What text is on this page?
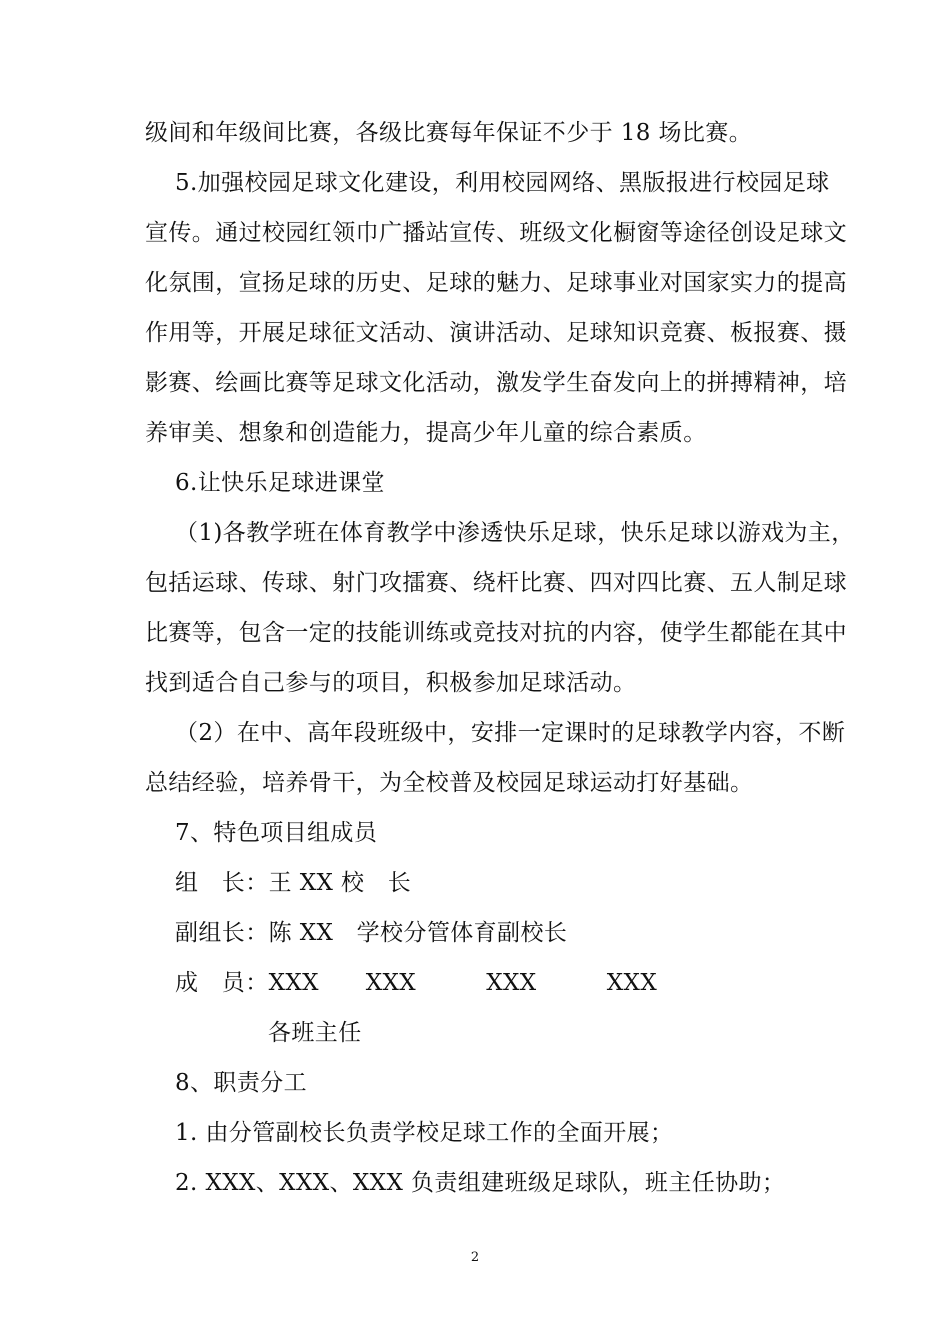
级间和年级间比赛，各级比赛每年保证不少于 18 场比赛。
5.加强校园足球文化建设，利用校园网络、黑版报进行校园足球
宣传。通过校园红领巾广播站宣传、班级文化橱窗等途径创设足球文
化氛围，宣扬足球的历史、足球的魅力、足球事业对国家实力的提高
作用等，开展足球征文活动、演讲活动、足球知识竞赛、板报赛、摄
影赛、绘画比赛等足球文化活动，激发学生奋发向上的拼搏精神，培
养审美、想象和创造能力，提高少年儿童的综合素质。
6.让快乐足球进课堂
（1)各教学班在体育教学中渗透快乐足球，快乐足球以游戏为主，
包括运球、传球、射门攻擂赛、绕杆比赛、四对四比赛、五人制足球
比赛等，包含一定的技能训练或竞技对抗的内容，使学生都能在其中
找到适合自己参与的项目，积极参加足球活动。
（2）在中、高年段班级中，安排一定课时的足球教学内容，不断
总结经验，培养骨干，为全校普及校园足球运动打好基础。
7、特色项目组成员
组　长：王 XX 校　长
副组长：陈 XX　学校分管体育副校长
成　员：XXX　　XXX　　　XXX　　　XXX
各班主任
8、职责分工
1. 由分管副校长负责学校足球工作的全面开展；
2. XXX、XXX、XXX 负责组建班级足球队，班主任协助；
2
